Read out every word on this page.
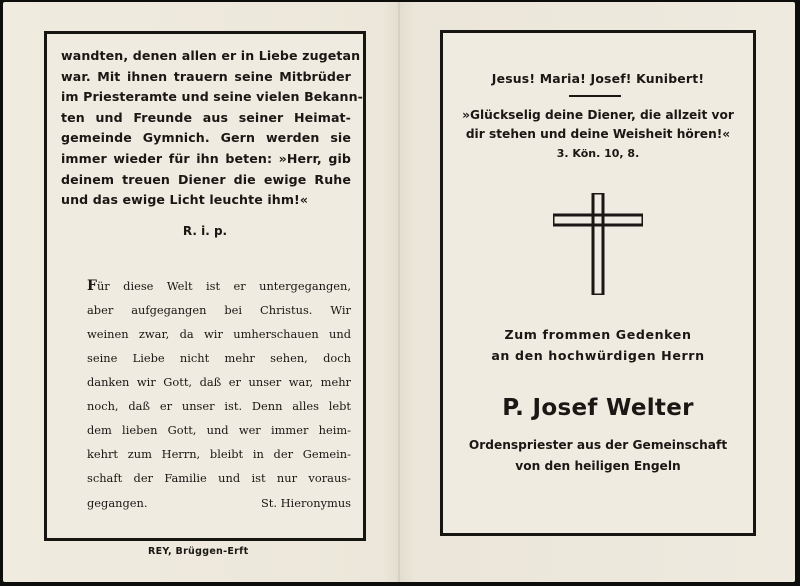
wandten, denen allen er in Liebe zugetan
war. Mit ihnen trauern seine Mitbrüder
im Priesteramte und seine vielen Bekann-
ten und Freunde aus seiner Heimat-
gemeinde Gymnich. Gern werden sie
immer wieder für ihn beten: »Herr, gib
deinem treuen Diener die ewige Ruhe
und das ewige Licht leuchte ihm!«
R. i. p.
Für diese Welt ist er untergegangen,
aber aufgegangen bei Christus. Wir
weinen zwar, da wir umherschauen und
seine Liebe nicht mehr sehen, doch
danken wir Gott, daß er unser war, mehr
noch, daß er unser ist. Denn alles lebt
dem lieben Gott, und wer immer heim-
kehrt zum Herrn, bleibt in der Gemein-
schaft der Familie und ist nur voraus-
gegangen.	St. Hieronymus
REY, Brüggen-Erft
Jesus! Maria! Josef! Kunibert!
»Glückselig deine Diener, die allzeit vor
dir stehen und deine Weisheit hören!«
3. Kön. 10, 8.
Zum frommen Gedenken
an den hochwürdigen Herrn
P. Josef Welter
Ordenspriester aus der Gemeinschaft
von den heiligen Engeln
